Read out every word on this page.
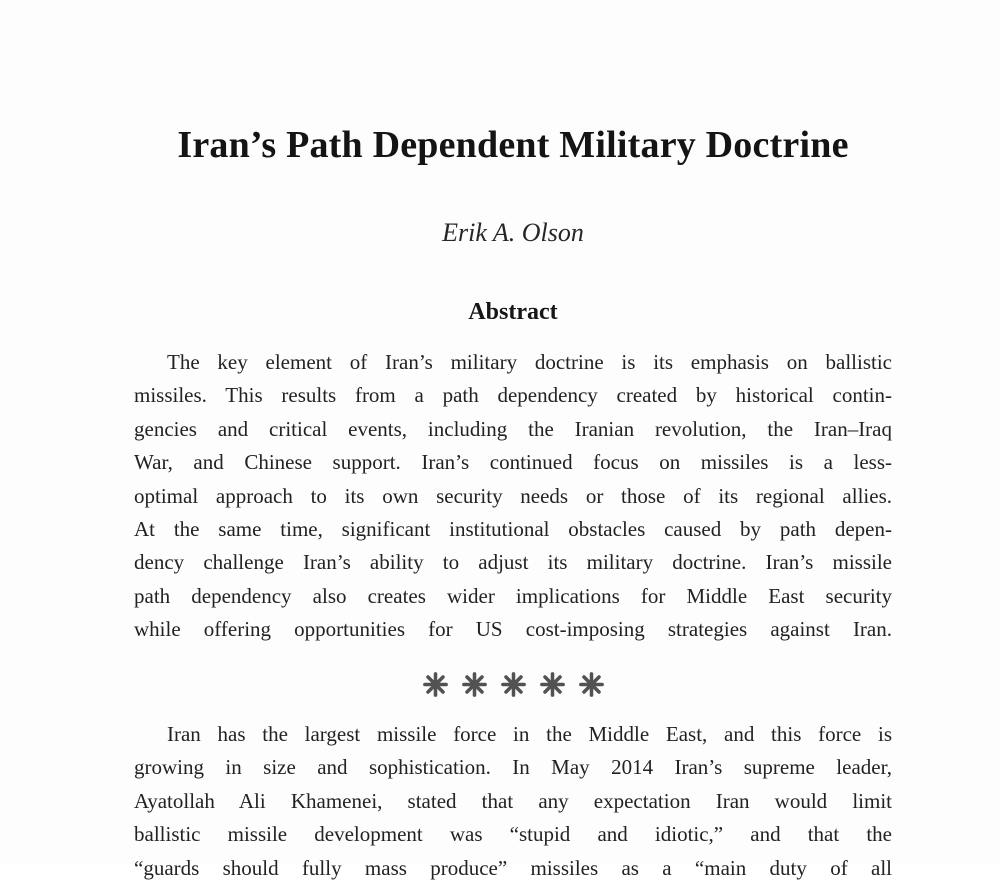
Iran’s Path Dependent Military Doctrine
Erik A. Olson
Abstract
The key element of Iran’s military doctrine is its emphasis on ballistic
missiles. This results from a path dependency created by historical contin-
gencies and critical events, including the Iranian revolution, the Iran–Iraq
War, and Chinese support. Iran’s continued focus on missiles is a less-
optimal approach to its own security needs or those of its regional allies.
At the same time, significant institutional obstacles caused by path depen-
dency challenge Iran’s ability to adjust its military doctrine. Iran’s missile
path dependency also creates wider implications for Middle East security
while offering opportunities for US cost-imposing strategies against Iran.
Iran has the largest missile force in the Middle East, and this force is
growing in size and sophistication. In May 2014 Iran’s supreme leader,
Ayatollah Ali Khamenei, stated that any expectation Iran would limit
ballistic missile development was “stupid and idiotic,” and that the
“guards should fully mass produce” missiles as a “main duty of all
